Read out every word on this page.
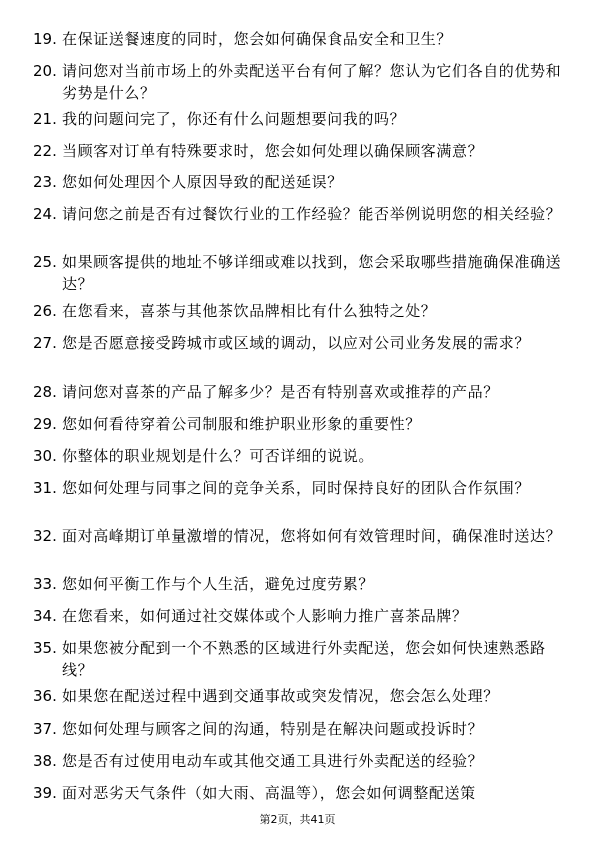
19. 在保证送餐速度的同时，您会如何确保食品安全和卫生？
20. 请问您对当前市场上的外卖配送平台有何了解？您认为它们各自的优势和劣势是什么？
21. 我的问题问完了，你还有什么问题想要问我的吗？
22. 当顾客对订单有特殊要求时，您会如何处理以确保顾客满意？
23. 您如何处理因个人原因导致的配送延误？
24. 请问您之前是否有过餐饮行业的工作经验？能否举例说明您的相关经验？
25. 如果顾客提供的地址不够详细或难以找到，您会采取哪些措施确保准确送达？
26. 在您看来，喜茶与其他茶饮品牌相比有什么独特之处？
27. 您是否愿意接受跨城市或区域的调动，以应对公司业务发展的需求？
28. 请问您对喜茶的产品了解多少？是否有特别喜欢或推荐的产品？
29. 您如何看待穿着公司制服和维护职业形象的重要性？
30. 你整体的职业规划是什么？可否详细的说说。
31. 您如何处理与同事之间的竞争关系，同时保持良好的团队合作氛围？
32. 面对高峰期订单量激增的情况，您将如何有效管理时间，确保准时送达？
33. 您如何平衡工作与个人生活，避免过度劳累？
34. 在您看来，如何通过社交媒体或个人影响力推广喜茶品牌？
35. 如果您被分配到一个不熟悉的区域进行外卖配送，您会如何快速熟悉路线？
36. 如果您在配送过程中遇到交通事故或突发情况，您会怎么处理？
37. 您如何处理与顾客之间的沟通，特别是在解决问题或投诉时？
38. 您是否有过使用电动车或其他交通工具进行外卖配送的经验？
39. 面对恶劣天气条件（如大雨、高温等），您会如何调整配送策
第2页，共41页
